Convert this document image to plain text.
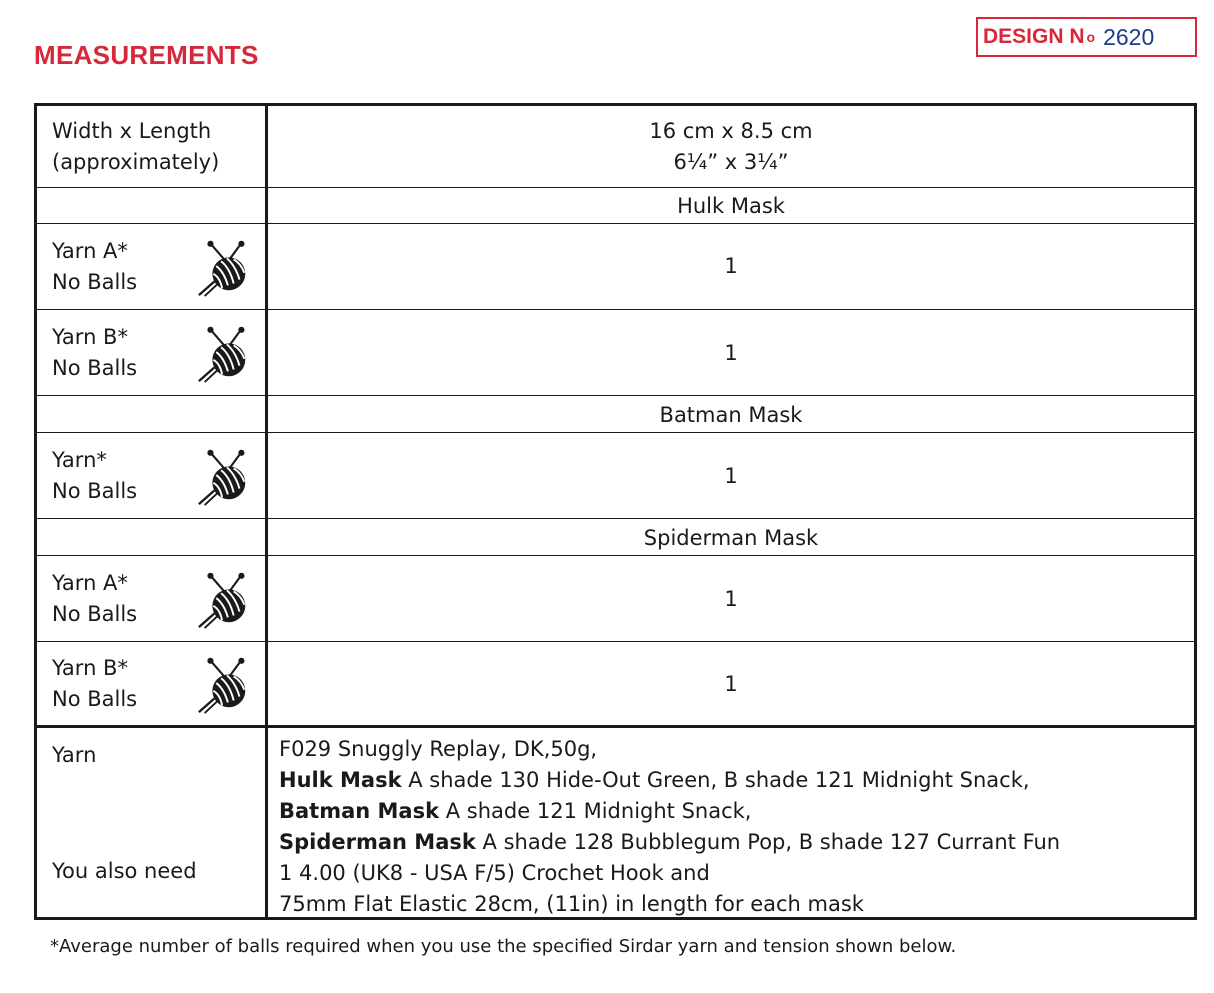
MEASUREMENTS
DESIGN N o 2620
Width x Length
(approximately)
16 cm x 8.5 cm
6¼” x 3¼”
Hulk Mask
Yarn A*
No Balls
1
Yarn B*
No Balls
1
Batman Mask
Yarn*
No Balls
1
Spiderman Mask
Yarn A*
No Balls
1
Yarn B*
No Balls
1
Yarn
You also need
F029 Snuggly Replay, DK,50g,
Hulk Mask A shade 130 Hide-Out Green, B shade 121 Midnight Snack,
Batman Mask A shade 121 Midnight Snack,
Spiderman Mask A shade 128 Bubblegum Pop, B shade 127 Currant Fun
1 4.00 (UK8 - USA F/5) Crochet Hook and
75mm Flat Elastic 28cm, (11in) in length for each mask
*Average number of balls required when you use the specified Sirdar yarn and tension shown below.
